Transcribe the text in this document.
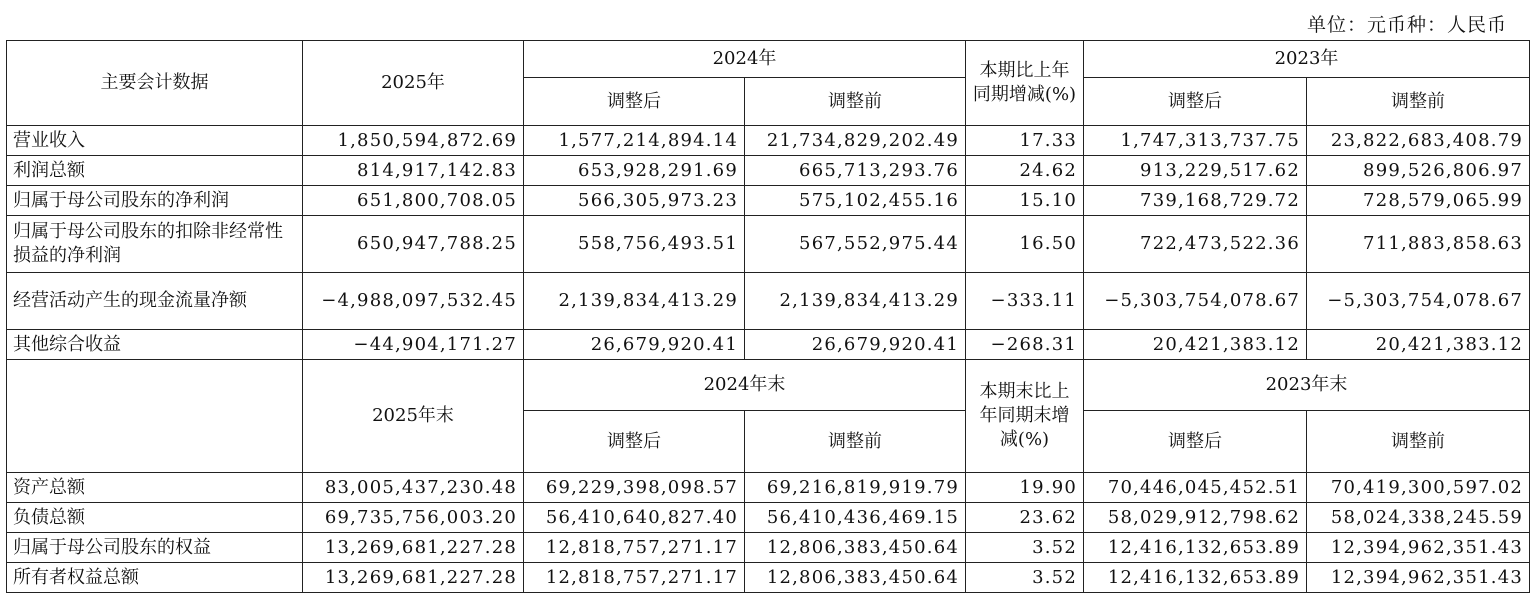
单位：元币种：人民币
主要会计数据	2025年	2024年		本期比上年同期增减(%)	2023年	
		调整后	调整前		调整后	调整前
营业收入	1,850,594,872.69	1,577,214,894.14	21,734,829,202.49	17.33	1,747,313,737.75	23,822,683,408.79
利润总额	814,917,142.83	653,928,291.69	665,713,293.76	24.62	913,229,517.62	899,526,806.97
归属于母公司股东的净利润	651,800,708.05	566,305,973.23	575,102,455.16	15.10	739,168,729.72	728,579,065.99
归属于母公司股东的扣除非经常性损益的净利润	650,947,788.25	558,756,493.51	567,552,975.44	16.50	722,473,522.36	711,883,858.63
经营活动产生的现金流量净额	−4,988,097,532.45	2,139,834,413.29	2,139,834,413.29	−333.11	−5,303,754,078.67	−5,303,754,078.67
其他综合收益	−44,904,171.27	26,679,920.41	26,679,920.41	−268.31	20,421,383.12	20,421,383.12
	2025年末	2024年末		本期末比上年同期末增减(%)	2023年末	
		调整后	调整前		调整后	调整前
资产总额	83,005,437,230.48	69,229,398,098.57	69,216,819,919.79	19.90	70,446,045,452.51	70,419,300,597.02
负债总额	69,735,756,003.20	56,410,640,827.40	56,410,436,469.15	23.62	58,029,912,798.62	58,024,338,245.59
归属于母公司股东的权益	13,269,681,227.28	12,818,757,271.17	12,806,383,450.64	3.52	12,416,132,653.89	12,394,962,351.43
所有者权益总额	13,269,681,227.28	12,818,757,271.17	12,806,383,450.64	3.52	12,416,132,653.89	12,394,962,351.43
